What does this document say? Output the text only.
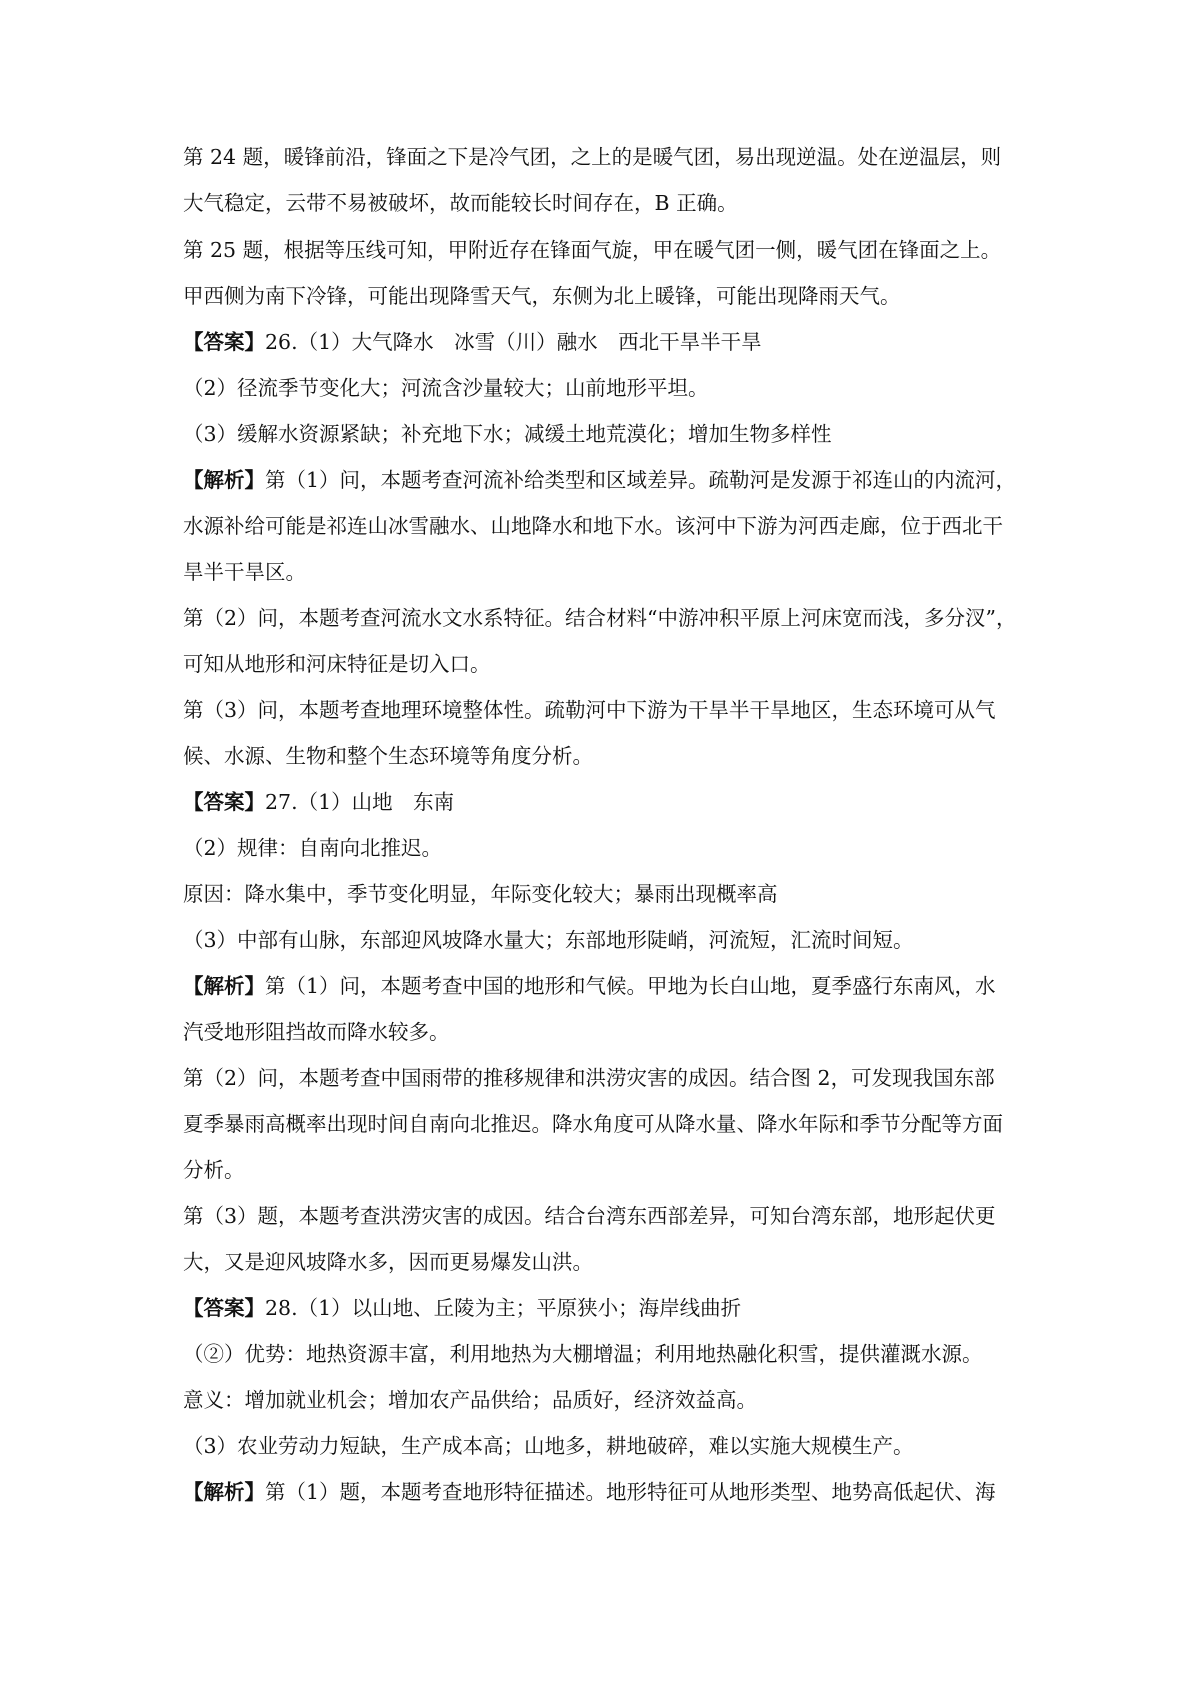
第 24 题，暖锋前沿，锋面之下是冷气团，之上的是暖气团，易出现逆温。处在逆温层，则
大气稳定，云带不易被破坏，故而能较长时间存在，B 正确。
第 25 题，根据等压线可知，甲附近存在锋面气旋，甲在暖气团一侧，暖气团在锋面之上。
甲西侧为南下冷锋，可能出现降雪天气，东侧为北上暖锋，可能出现降雨天气。
【答案】26.（1）大气降水　冰雪（川）融水　西北干旱半干旱
（2）径流季节变化大；河流含沙量较大；山前地形平坦。
（3）缓解水资源紧缺；补充地下水；减缓土地荒漠化；增加生物多样性
【解析】第（1）问，本题考查河流补给类型和区域差异。疏勒河是发源于祁连山的内流河，
水源补给可能是祁连山冰雪融水、山地降水和地下水。该河中下游为河西走廊，位于西北干
旱半干旱区。
第（2）问，本题考查河流水文水系特征。结合材料“中游冲积平原上河床宽而浅，多分汊”，
可知从地形和河床特征是切入口。
第（3）问，本题考查地理环境整体性。疏勒河中下游为干旱半干旱地区，生态环境可从气
候、水源、生物和整个生态环境等角度分析。
【答案】27.（1）山地　东南
（2）规律：自南向北推迟。
原因：降水集中，季节变化明显，年际变化较大；暴雨出现概率高
（3）中部有山脉，东部迎风坡降水量大；东部地形陡峭，河流短，汇流时间短。
【解析】第（1）问，本题考查中国的地形和气候。甲地为长白山地，夏季盛行东南风，水
汽受地形阻挡故而降水较多。
第（2）问，本题考查中国雨带的推移规律和洪涝灾害的成因。结合图 2，可发现我国东部
夏季暴雨高概率出现时间自南向北推迟。降水角度可从降水量、降水年际和季节分配等方面
分析。
第（3）题，本题考查洪涝灾害的成因。结合台湾东西部差异，可知台湾东部，地形起伏更
大，又是迎风坡降水多，因而更易爆发山洪。
【答案】28.（1）以山地、丘陵为主；平原狭小；海岸线曲折
（②）优势：地热资源丰富，利用地热为大棚增温；利用地热融化积雪，提供灌溉水源。
意义：增加就业机会；增加农产品供给；品质好，经济效益高。
（3）农业劳动力短缺，生产成本高；山地多，耕地破碎，难以实施大规模生产。
【解析】第（1）题，本题考查地形特征描述。地形特征可从地形类型、地势高低起伏、海
